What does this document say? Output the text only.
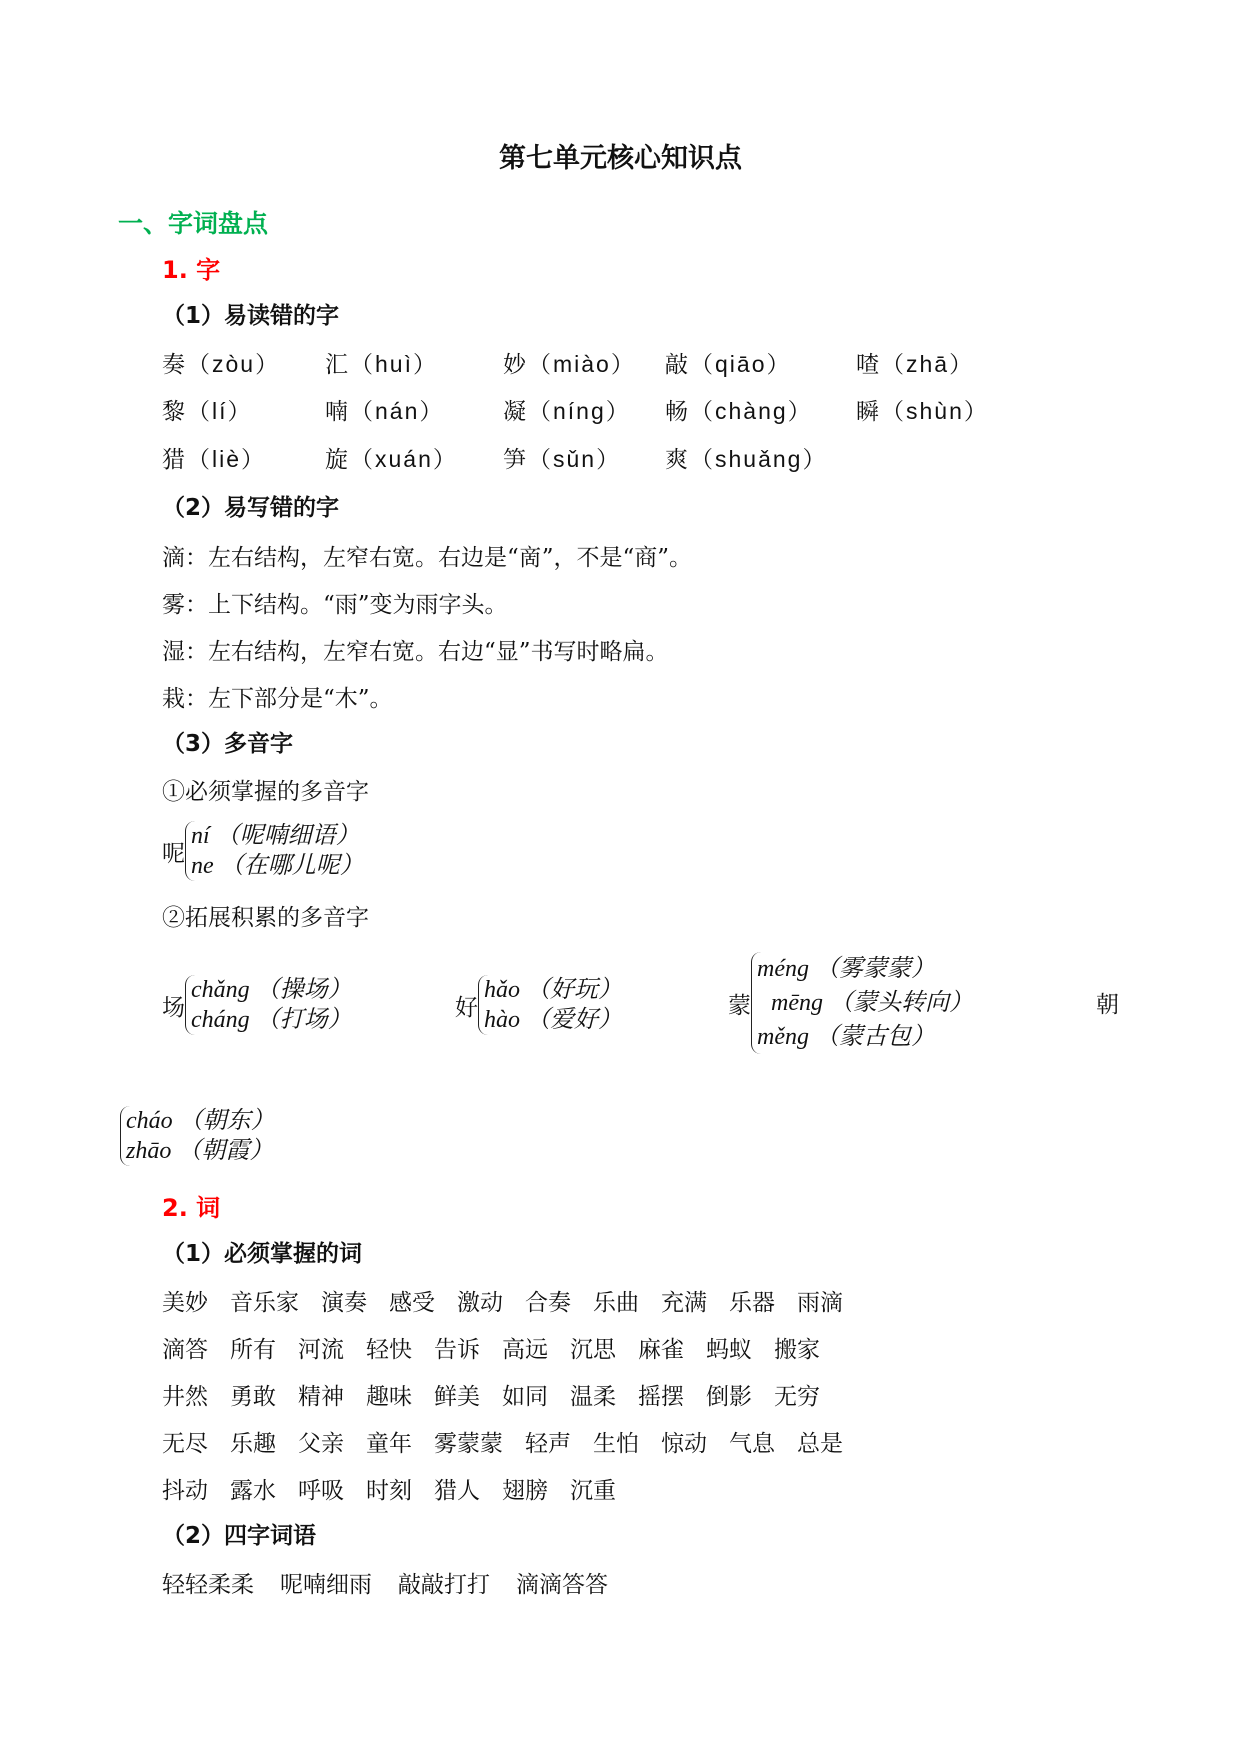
第七单元核心知识点
一、字词盘点
1. 字
（1）易读错的字
奏（zòu） 汇（huì）	妙（miào） 敲（qiāo）	喳（zhā）
黎（lí）	喃（nán）	凝（níng） 畅（chàng） 瞬（shùn）
猎（liè）	旋（xuán） 笋（sǔn） 爽（shuǎng）
（2）易写错的字
滴：左右结构，左窄右宽。右边是“啇”，不是“商”。
雾：上下结构。“雨”变为雨字头。
湿：左右结构，左窄右宽。右边“显”书写时略扁。
栽：左下部分是“木”。
（3）多音字
①必须掌握的多音字
呢
ní （呢喃细语）
ne （在哪儿呢）
②拓展积累的多音字
场
chǎng （操场）
cháng （打场）	好
hǎo （好玩）
hào （爱好）
蒙
méng （雾蒙蒙）
mēng （蒙头转向）
měng （蒙古包）
朝
cháo （朝东）
zhāo （朝霞）
2. 词
（1）必须掌握的词
美妙 音乐家 演奏 感受 激动 合奏 乐曲 充满 乐器 雨滴
滴答 所有 河流 轻快 告诉 高远 沉思 麻雀 蚂蚁 搬家
井然 勇敢 精神 趣味 鲜美 如同 温柔 摇摆 倒影 无穷
无尽 乐趣 父亲 童年 雾蒙蒙 轻声 生怕 惊动 气息 总是
抖动 露水 呼吸 时刻 猎人 翅膀 沉重
（2）四字词语
轻轻柔柔 呢喃细雨 敲敲打打 滴滴答答
